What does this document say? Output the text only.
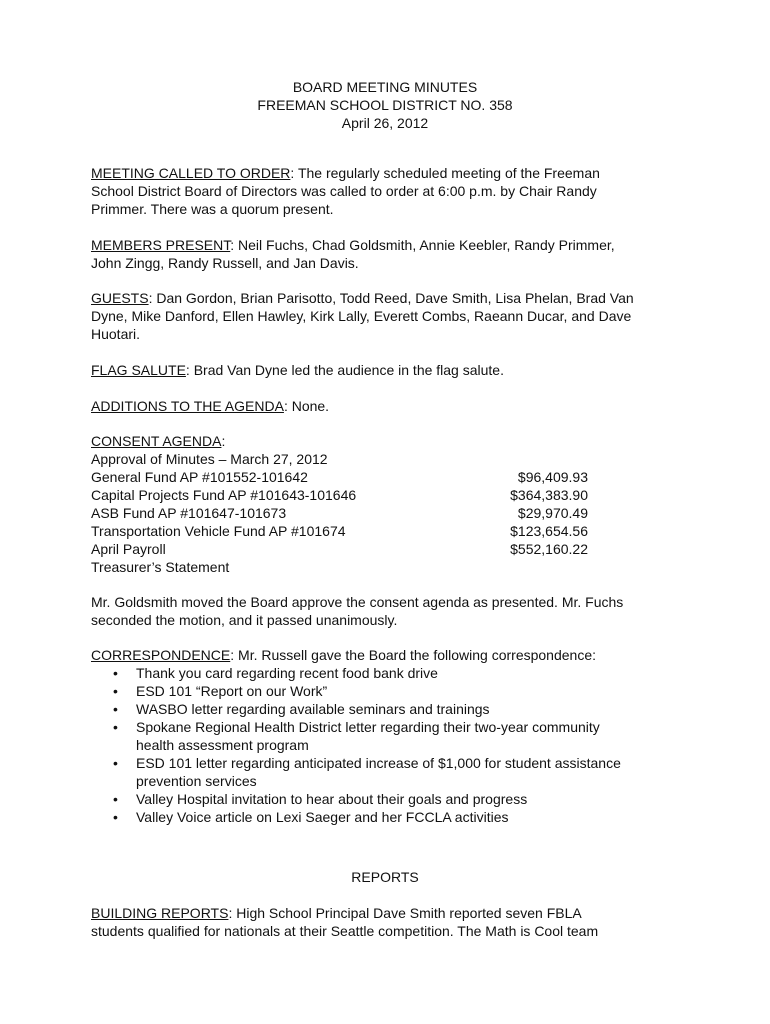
BOARD MEETING MINUTES
FREEMAN SCHOOL DISTRICT NO. 358
April 26, 2012
MEETING CALLED TO ORDER: The regularly scheduled meeting of the Freeman
School District Board of Directors was called to order at 6:00 p.m. by Chair Randy
Primmer. There was a quorum present.
MEMBERS PRESENT: Neil Fuchs, Chad Goldsmith, Annie Keebler, Randy Primmer,
John Zingg, Randy Russell, and Jan Davis.
GUESTS: Dan Gordon, Brian Parisotto, Todd Reed, Dave Smith, Lisa Phelan, Brad Van
Dyne, Mike Danford, Ellen Hawley, Kirk Lally, Everett Combs, Raeann Ducar, and Dave
Huotari.
FLAG SALUTE: Brad Van Dyne led the audience in the flag salute.
ADDITIONS TO THE AGENDA: None.
CONSENT AGENDA:
Approval of Minutes – March 27, 2012
General Fund AP #101552-101642	$96,409.93
Capital Projects Fund AP #101643-101646	$364,383.90
ASB Fund AP #101647-101673	$29,970.49
Transportation Vehicle Fund AP #101674	$123,654.56
April Payroll	$552,160.22
Treasurer’s Statement
Mr. Goldsmith moved the Board approve the consent agenda as presented. Mr. Fuchs
seconded the motion, and it passed unanimously.
CORRESPONDENCE: Mr. Russell gave the Board the following correspondence:
• Thank you card regarding recent food bank drive
• ESD 101 “Report on our Work”
• WASBO letter regarding available seminars and trainings
• Spokane Regional Health District letter regarding their two-year community
health assessment program
• ESD 101 letter regarding anticipated increase of $1,000 for student assistance
prevention services
• Valley Hospital invitation to hear about their goals and progress
• Valley Voice article on Lexi Saeger and her FCCLA activities
REPORTS
BUILDING REPORTS: High School Principal Dave Smith reported seven FBLA
students qualified for nationals at their Seattle competition. The Math is Cool team
